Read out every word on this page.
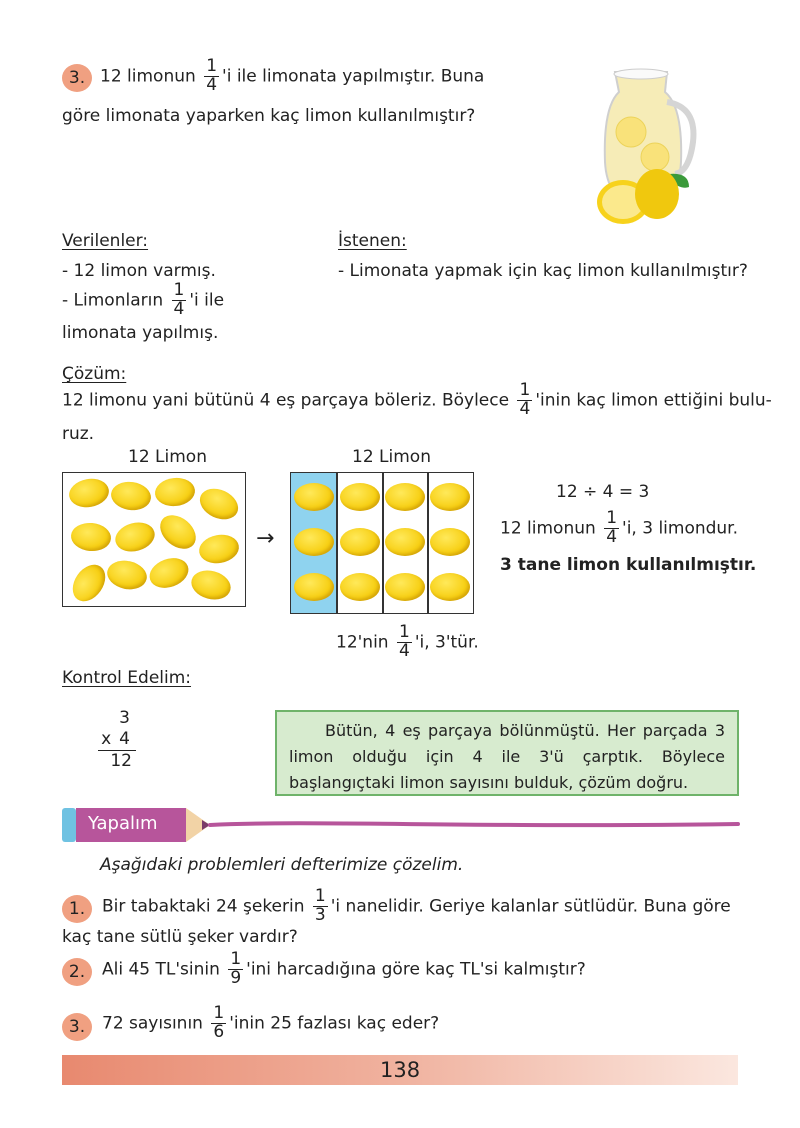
3. 12 limonun $\frac{1}{4}$ 'i ile limonata yapılmıştır. Buna
göre limonata yaparken kaç limon kullanılmıştır?
Verilenler:
- 12 limon varmış.
- Limonların $\frac{1}{4}$ 'i ile
limonata yapılmış.
İstenen:
- Limonata yapmak için kaç limon kullanılmıştır?
Çözüm:
12 limonu yani bütünü 4 eş parçaya böleriz. Böylece $\frac{1}{4}$ 'inin kaç limon ettiğini bulu-
ruz.
12 Limon	12 Limon
→
12 ÷ 4 = 3
12 limonun $\frac{1}{4}$ 'i, 3 limondur.
3 tane limon kullanılmıştır.
$12'nin \frac{1}{4}$ 'i, 3'tür.
Kontrol Edelim:
3
x 4
12

Bütün, 4 eş parçaya bölünmüştü. Her parçada 3 limon olduğu için 4 ile 3'ü çarptık. Böylece başlangıçtaki limon sayısını bulduk, çözüm doğru.

Yapalım
Aşağıdaki problemleri defterimize çözelim.
1. Bir tabaktaki 24 şekerin $\frac{1}{3}$ 'i nanelidir. Geriye kalanlar sütlüdür. Buna göre
kaç tane sütlü şeker vardır?
2. Ali 45 TL'sinin $\frac{1}{9}$ 'ini harcadığına göre kaç TL'si kalmıştır?
3. 72 sayısının $\frac{1}{6}$ 'inin 25 fazlası kaç eder?
138
